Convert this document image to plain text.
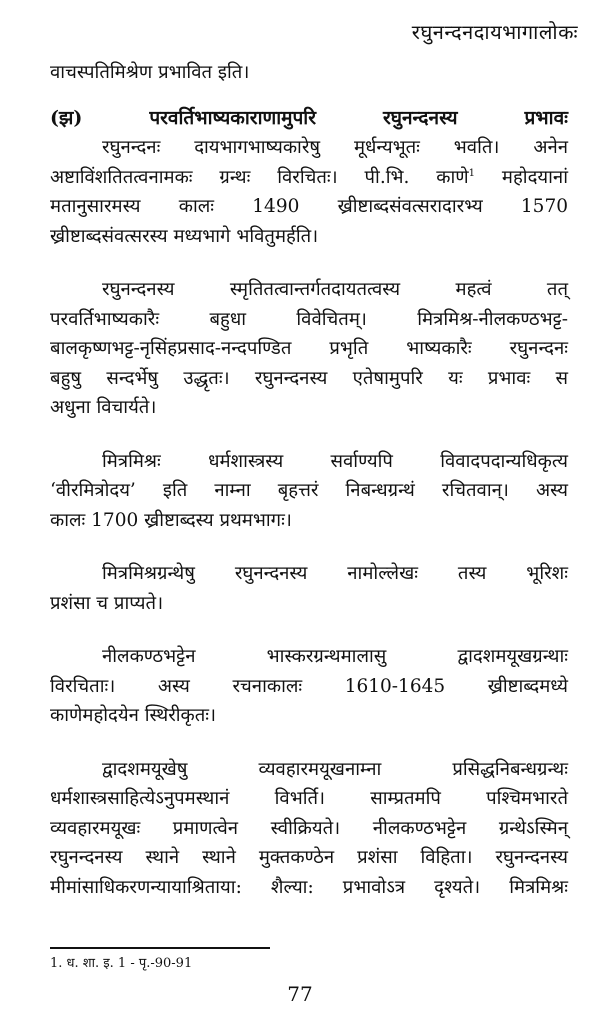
रघुनन्दनदायभागालोकः
वाचस्पतिमिश्रेण प्रभावित इति।
(झ) परवर्तिभाष्यकाराणामुपरि रघुनन्दनस्य प्रभावः
रघुनन्दनः दायभागभाष्यकारेषु मूर्धन्यभूतः भवति। अनेन
अष्टाविंशतितत्वनामकः ग्रन्थः विरचितः। पी.भि. काणे$^1$ महोदयानां
मतानुसारमस्य कालः 1490 ख्रीष्टाब्दसंवत्सरादारभ्य 1570
ख्रीष्टाब्दसंवत्सरस्य मध्यभागे भवितुमर्हति।
रघुनन्दनस्य स्मृतितत्वान्तर्गतदायतत्वस्य महत्वं तत्
परवर्तिभाष्यकारैः बहुधा विवेचितम्। मित्रमिश्र-नीलकण्ठभट्ट-
बालकृष्णभट्ट-नृसिंहप्रसाद-नन्दपण्डित प्रभृति भाष्यकारैः रघुनन्दनः
बहुषु सन्दर्भेषु उद्धृतः। रघुनन्दनस्य एतेषामुपरि यः प्रभावः स
अधुना विचार्यते।
मित्रमिश्रः धर्मशास्त्रस्य सर्वाण्यपि विवादपदान्यधिकृत्य
‘वीरमित्रोदय’ इति नाम्ना बृहत्तरं निबन्धग्रन्थं रचितवान्। अस्य
कालः 1700 ख्रीष्टाब्दस्य प्रथमभागः।
मित्रमिश्रग्रन्थेषु रघुनन्दनस्य नामोल्लेखः तस्य भूरिशः
प्रशंसा च प्राप्यते।
नीलकण्ठभट्टेन भास्करग्रन्थमालासु द्वादशमयूखग्रन्थाः
विरचिताः। अस्य रचनाकालः 1610-1645 ख्रीष्टाब्दमध्ये
काणेमहोदयेन स्थिरीकृतः।
द्वादशमयूखेषु व्यवहारमयूखनाम्ना प्रसिद्धनिबन्धग्रन्थः
धर्मशास्त्रसाहित्येऽनुपमस्थानं विभर्ति। साम्प्रतमपि पश्चिमभारते
व्यवहारमयूखः प्रमाणत्वेन स्वीक्रियते। नीलकण्ठभट्टेन ग्रन्थेऽस्मिन्
रघुनन्दनस्य स्थाने स्थाने मुक्तकण्ठेन प्रशंसा विहिता। रघुनन्दनस्य
मीमांसाधिकरणन्यायाश्रिताया: शैल्या: प्रभावोऽत्र दृश्यते। मित्रमिश्रः
1. ध. शा. इ. 1 - पृ.-90-91
77
